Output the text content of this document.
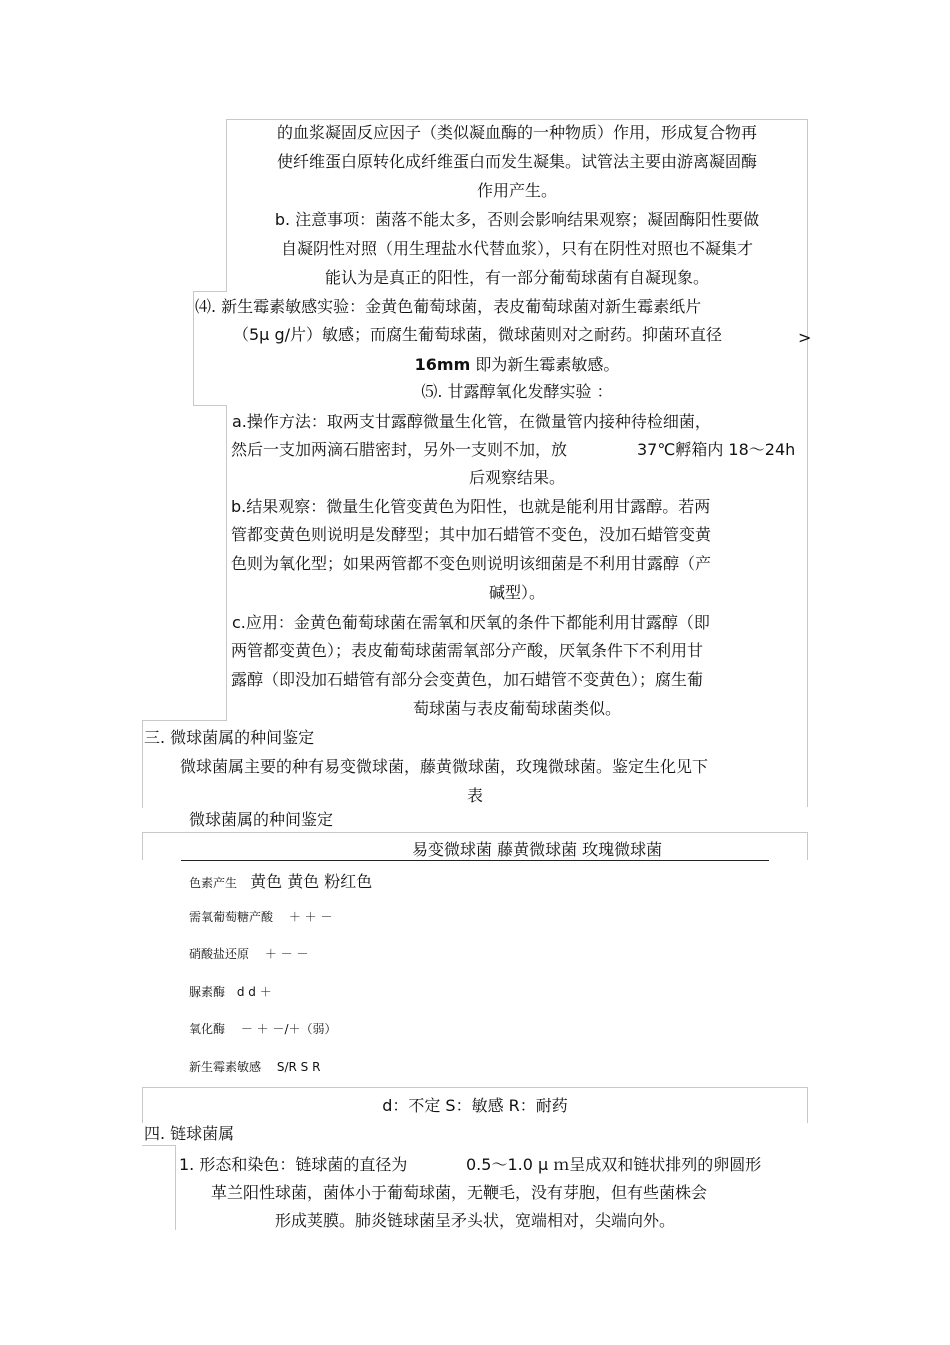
的血浆凝固反应因子（类似凝血酶的一种物质）作用，形成复合物再
使纤维蛋白原转化成纤维蛋白而发生凝集。试管法主要由游离凝固酶
作用产生。
b. 注意事项：菌落不能太多，否则会影响结果观察；凝固酶阳性要做
自凝阴性对照（用生理盐水代替血浆），只有在阴性对照也不凝集才
能认为是真正的阳性，有一部分葡萄球菌有自凝现象。
⑷. 新生霉素敏感实验：金黄色葡萄球菌，表皮葡萄球菌对新生霉素纸片
（5μ g/片）敏感；而腐生葡萄球菌，微球菌则对之耐药。抑菌环直径	>
16mm 即为新生霉素敏感。
⑸. 甘露醇氧化发酵实验 ：
a.操作方法：取两支甘露醇微量生化管，在微量管内接种待检细菌，
然后一支加两滴石腊密封，另外一支则不加，放	37℃孵箱内 18～24h
后观察结果。
b.结果观察：微量生化管变黄色为阳性，也就是能利用甘露醇。若两
管都变黄色则说明是发酵型；其中加石蜡管不变色，没加石蜡管变黄
色则为氧化型；如果两管都不变色则说明该细菌是不利用甘露醇（产
碱型）。
c.应用：金黄色葡萄球菌在需氧和厌氧的条件下都能利用甘露醇（即
两管都变黄色）；表皮葡萄球菌需氧部分产酸，厌氧条件下不利用甘
露醇（即没加石蜡管有部分会变黄色，加石蜡管不变黄色）；腐生葡
萄球菌与表皮葡萄球菌类似。
三. 微球菌属的种间鉴定
微球菌属主要的种有易变微球菌，藤黄微球菌，玫瑰微球菌。鉴定生化见下
表
微球菌属的种间鉴定
易变微球菌 藤黄微球菌 玫瑰微球菌
色素产生 黄色 黄色 粉红色
需氧葡萄糖产酸 ＋ ＋ －
硝酸盐还原 ＋ － －
脲素酶 d d ＋
氧化酶 － ＋ －/＋（弱）
新生霉素敏感 S/R S R
d：不定 S：敏感 R：耐药
四. 链球菌属
1. 形态和染色：链球菌的直径为	0.5～1.0 μ ｍ呈成双和链状排列的卵圆形
革兰阳性球菌，菌体小于葡萄球菌，无鞭毛，没有芽胞，但有些菌株会
形成荚膜。肺炎链球菌呈矛头状，宽端相对，尖端向外。
